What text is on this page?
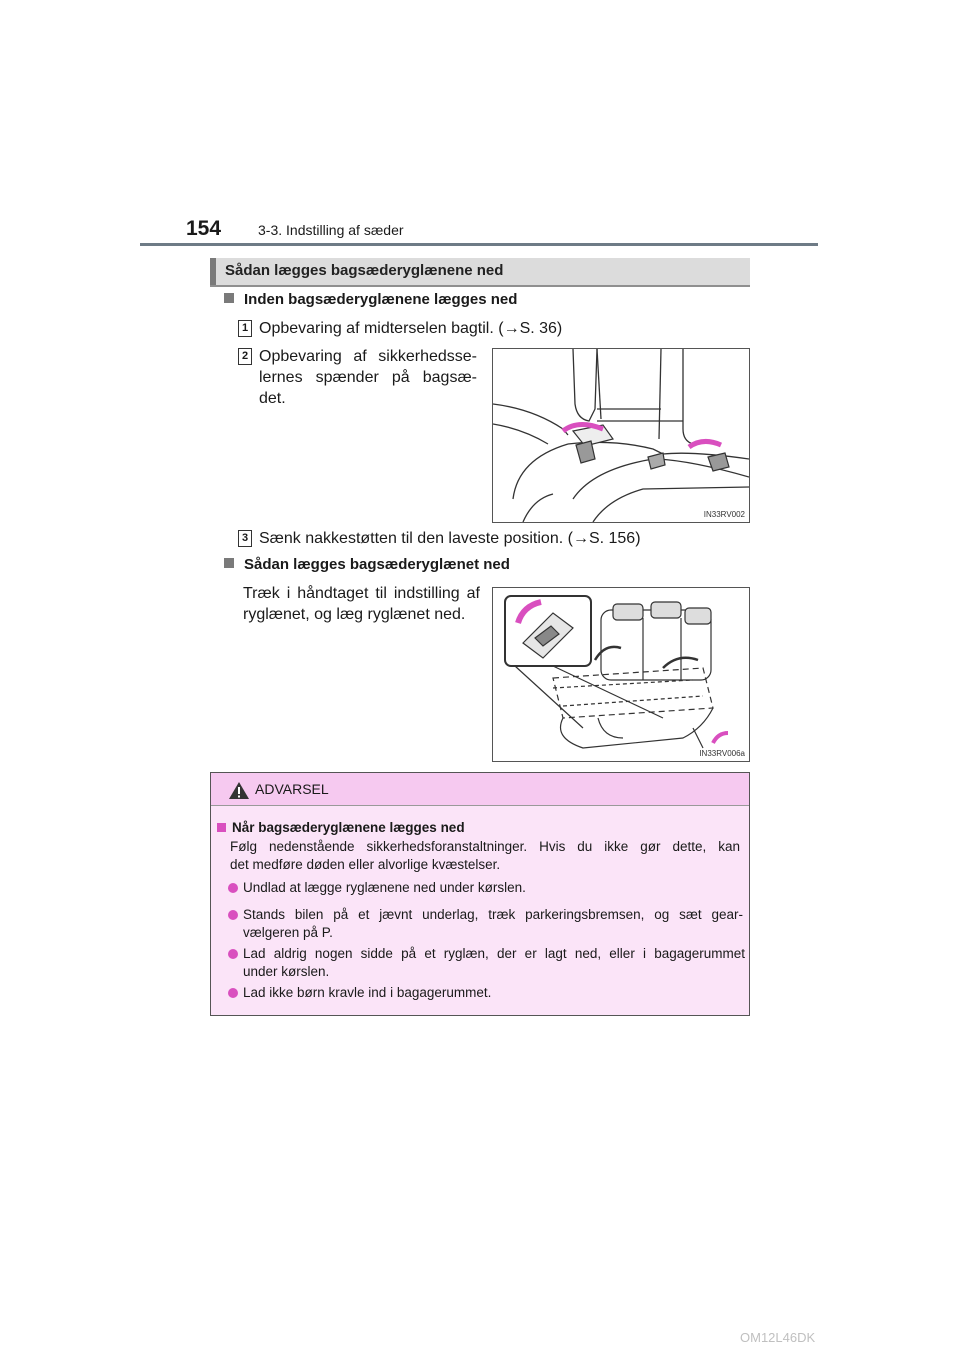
154	3-3. Indstilling af sæder
Sådan lægges bagsæderyglænene ned
Inden bagsæderyglænene lægges ned
1 Opbevaring af midterselen bagtil. (→S. 36)
2 Opbevaring af sikkerhedsse-
lernes spænder på bagsæ-
det.
IN33RV002
3 Sænk nakkestøtten til den laveste position. (→S. 156)
Sådan lægges bagsæderyglænet ned
Træk i håndtaget til indstilling af
ryglænet, og læg ryglænet ned.
IN33RV006a
ADVARSEL
Når bagsæderyglænene lægges ned
Følg nedenstående sikkerhedsforanstaltninger. Hvis du ikke gør dette, kan
det medføre døden eller alvorlige kvæstelser.
Undlad at lægge ryglænene ned under kørslen.
Stands bilen på et jævnt underlag, træk parkeringsbremsen, og sæt gear-
vælgeren på P.
Lad aldrig nogen sidde på et ryglæn, der er lagt ned, eller i bagagerummet
under kørslen.
Lad ikke børn kravle ind i bagagerummet.
OM12L46DK
